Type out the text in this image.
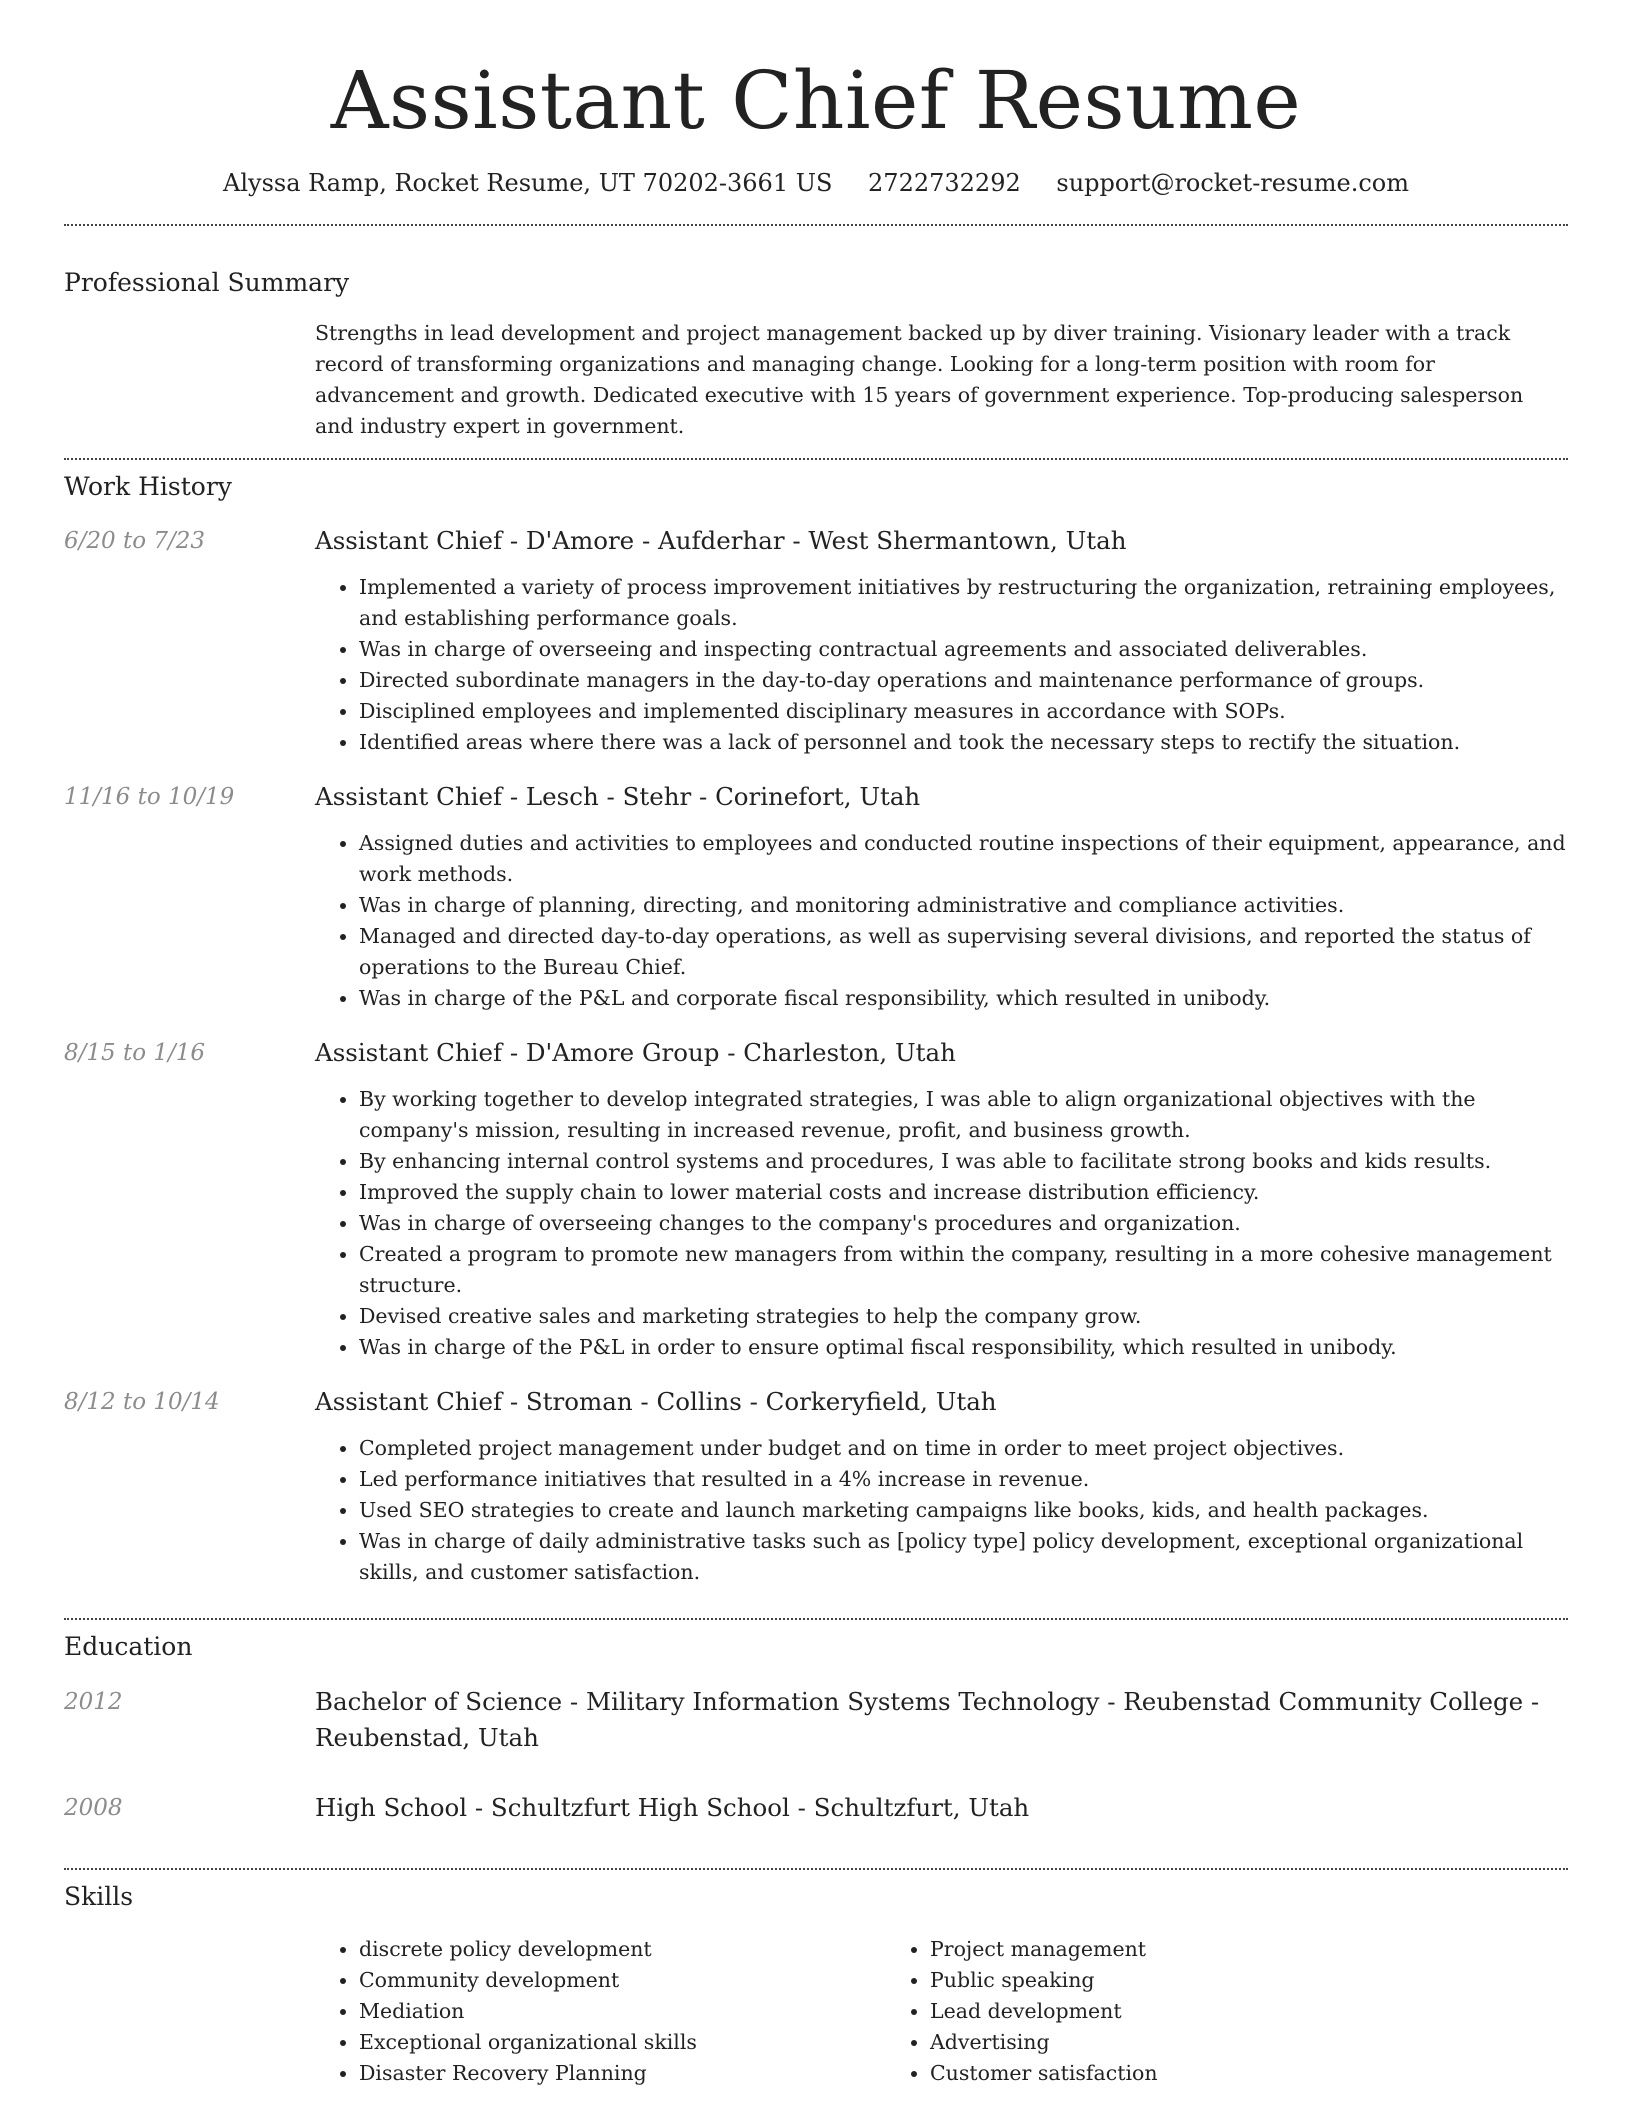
Assistant Chief Resume
Alyssa Ramp, Rocket Resume, UT 70202-3661 US 2722732292 support@rocket-resume.com
Professional Summary

Strengths in lead development and project management backed up by diver training. Visionary leader with a track record of transforming organizations and managing change. Looking for a long-term position with room for advancement and growth. Dedicated executive with 15 years of government experience. Top-producing salesperson and industry expert in government.

Work History
6/20 to 7/23	Assistant Chief - D'Amore - Aufderhar - West Shermantown, Utah
• Implemented a variety of process improvement initiatives by restructuring the organization, retraining employees, and establishing performance goals.
• Was in charge of overseeing and inspecting contractual agreements and associated deliverables.
• Directed subordinate managers in the day-to-day operations and maintenance performance of groups.
• Disciplined employees and implemented disciplinary measures in accordance with SOPs.
• Identified areas where there was a lack of personnel and took the necessary steps to rectify the situation.
11/16 to 10/19	Assistant Chief - Lesch - Stehr - Corinefort, Utah
• Assigned duties and activities to employees and conducted routine inspections of their equipment, appearance, and work methods.
• Was in charge of planning, directing, and monitoring administrative and compliance activities.
• Managed and directed day-to-day operations, as well as supervising several divisions, and reported the status of operations to the Bureau Chief.
• Was in charge of the P&L and corporate fiscal responsibility, which resulted in unibody.
8/15 to 1/16	Assistant Chief - D'Amore Group - Charleston, Utah
• By working together to develop integrated strategies, I was able to align organizational objectives with the company's mission, resulting in increased revenue, profit, and business growth.
• By enhancing internal control systems and procedures, I was able to facilitate strong books and kids results.
• Improved the supply chain to lower material costs and increase distribution efficiency.
• Was in charge of overseeing changes to the company's procedures and organization.
• Created a program to promote new managers from within the company, resulting in a more cohesive management structure.
• Devised creative sales and marketing strategies to help the company grow.
• Was in charge of the P&L in order to ensure optimal fiscal responsibility, which resulted in unibody.
8/12 to 10/14	Assistant Chief - Stroman - Collins - Corkeryfield, Utah
• Completed project management under budget and on time in order to meet project objectives.
• Led performance initiatives that resulted in a 4% increase in revenue.
• Used SEO strategies to create and launch marketing campaigns like books, kids, and health packages.
• Was in charge of daily administrative tasks such as [policy type] policy development, exceptional organizational skills, and customer satisfaction.
Education
2012	Bachelor of Science - Military Information Systems Technology - Reubenstad Community College - Reubenstad, Utah
2008	High School - Schultzfurt High School - Schultzfurt, Utah
Skills
• discrete policy development
• Community development
• Mediation
• Exceptional organizational skills
• Disaster Recovery Planning
• Project management
• Public speaking
• Lead development
• Advertising
• Customer satisfaction
